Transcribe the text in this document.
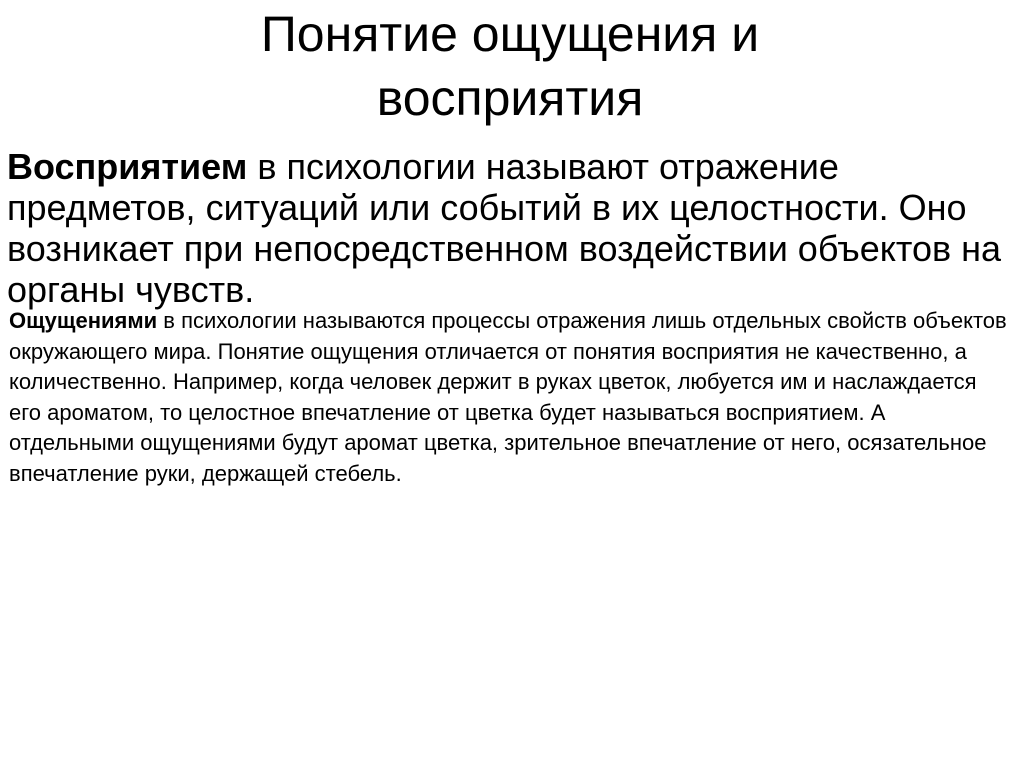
Понятие ощущения и восприятия

Восприятием в психологии называют отражение предметов, ситуаций или событий в их целостности. Оно возникает при непосредственном воздействии объектов на органы чувств.

Ощущениями в психологии называются процессы отражения лишь отдельных свойств объектов окружающего мира. Понятие ощущения отличается от понятия восприятия не качественно, а количественно. Например, когда человек держит в руках цветок, любуется им и наслаждается его ароматом, то целостное впечатление от цветка будет называться восприятием. А отдельными ощущениями будут аромат цветка, зрительное впечатление от него, осязательное впечатление руки, держащей стебель.
